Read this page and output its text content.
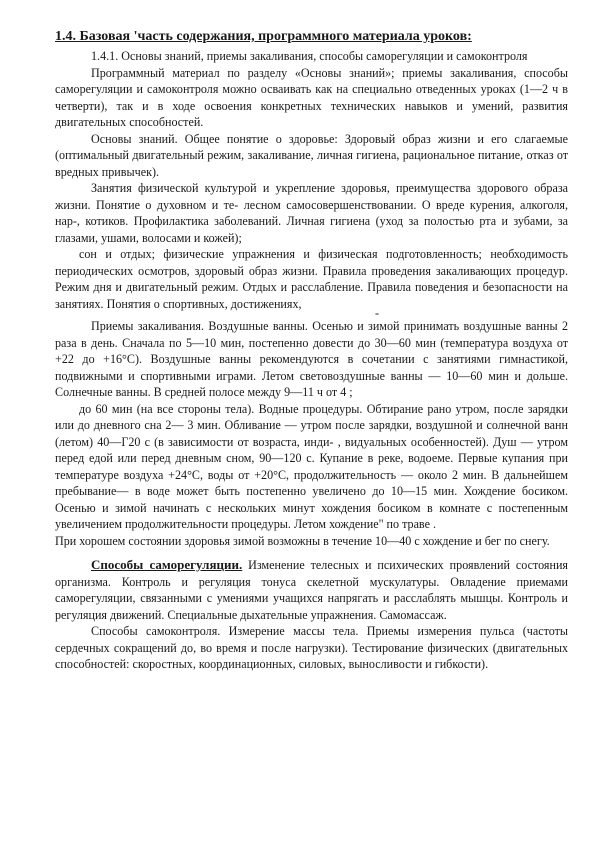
1.4. Базовая 'часть содержания, программного материала уроков:

1.4.1. Основы знаний, приемы закаливания, способы саморегуляции и самоконтроля

Программный материал по разделу «Основы знаний»; приемы закаливания, способы саморегуляции и самоконтроля можно осваивать как на специально отведенных уроках (1—2 ч в четверти), так и в ходе освоения конкретных технических навыков и умений, развития двигательных способностей.

Основы знаний. Общее понятие о здоровье: Здоровый образ жизни и его слагаемые (оптимальный двигательный режим, закаливание, личная гигиена, рациональное питание, отказ от вредных привычек).

Занятия физической культурой и укрепление здоровья, преимущества здорового образа жизни. Понятие о духовном и те- лесном самосовершенствовании. О вреде курения, алкоголя, нар-, котиков. Профилактика заболеваний. Личная гигиена (уход за полостью рта и зубами, за глазами, ушами, волосами и кожей);

сон и отдых; физические упражнения и физическая подготовленность; необходимость периодических осмотров, здоровый образ жизни. Правила проведения закаливающих процедур. Режим дня и двигательный режим. Отдых и расслабление. Правила поведения и безопасности на занятиях. Понятия о спортивных, достижениях,

-

Приемы закаливания. Воздушные ванны. Осенью и зимой принимать воздушные ванны 2 раза в день. Сначала по 5—10 мин, постепенно довести до 30—60 мин (температура воздуха от +22 до +16°С). Воздушные ванны рекомендуются в сочетании с занятиями гимнастикой, подвижными и спортивными играми. Летом световоздушные ванны — 10—60 мин и дольше. Солнечные ванны. В средней полосе между 9—11 ч от 4 ;

до 60 мин (на все стороны тела). Водные процедуры. Обтирание рано утром, после зарядки или до дневного сна 2— 3 мин. Обливание — утром после зарядки, воздушной и солнечной ванн (летом) 40—Г20 с (в зависимости от возраста, инди- , видуальных особенностей). Душ — утром перед едой или перед дневным сном, 90—120 с. Купание в реке, водоеме. Первые купания при температуре воздуха +24°С, воды от +20°С, продолжительность — около 2 мин. В дальнейшем пребывание— в воде может быть постепенно увеличено до 10—15 мин. Хождение босиком. Осенью и зимой начинать с нескольких минут хождения босиком в комнате с постепенным увеличением продолжительности процедуры. Летом хождение" по траве .

При хорошем состоянии здоровья зимой возможны в течение 10—40 с хождение и бег по снегу.

Способы саморегуляции. Изменение телесных и психических проявлений состояния организма. Контроль и регуляция тонуса скелетной мускулатуры. Овладение приемами саморегуляции, связанными с умениями учащихся напрягать и расслаблять мышцы. Контроль и регуляция движений. Специальные дыхательные упражнения. Самомассаж.

Способы самоконтроля. Измерение массы тела. Приемы измерения пульса (частоты сердечных сокращений до, во время и после нагрузки). Тестирование физических (двигательных способностей: скоростных, координационных, силовых, выносливости и гибкости).
